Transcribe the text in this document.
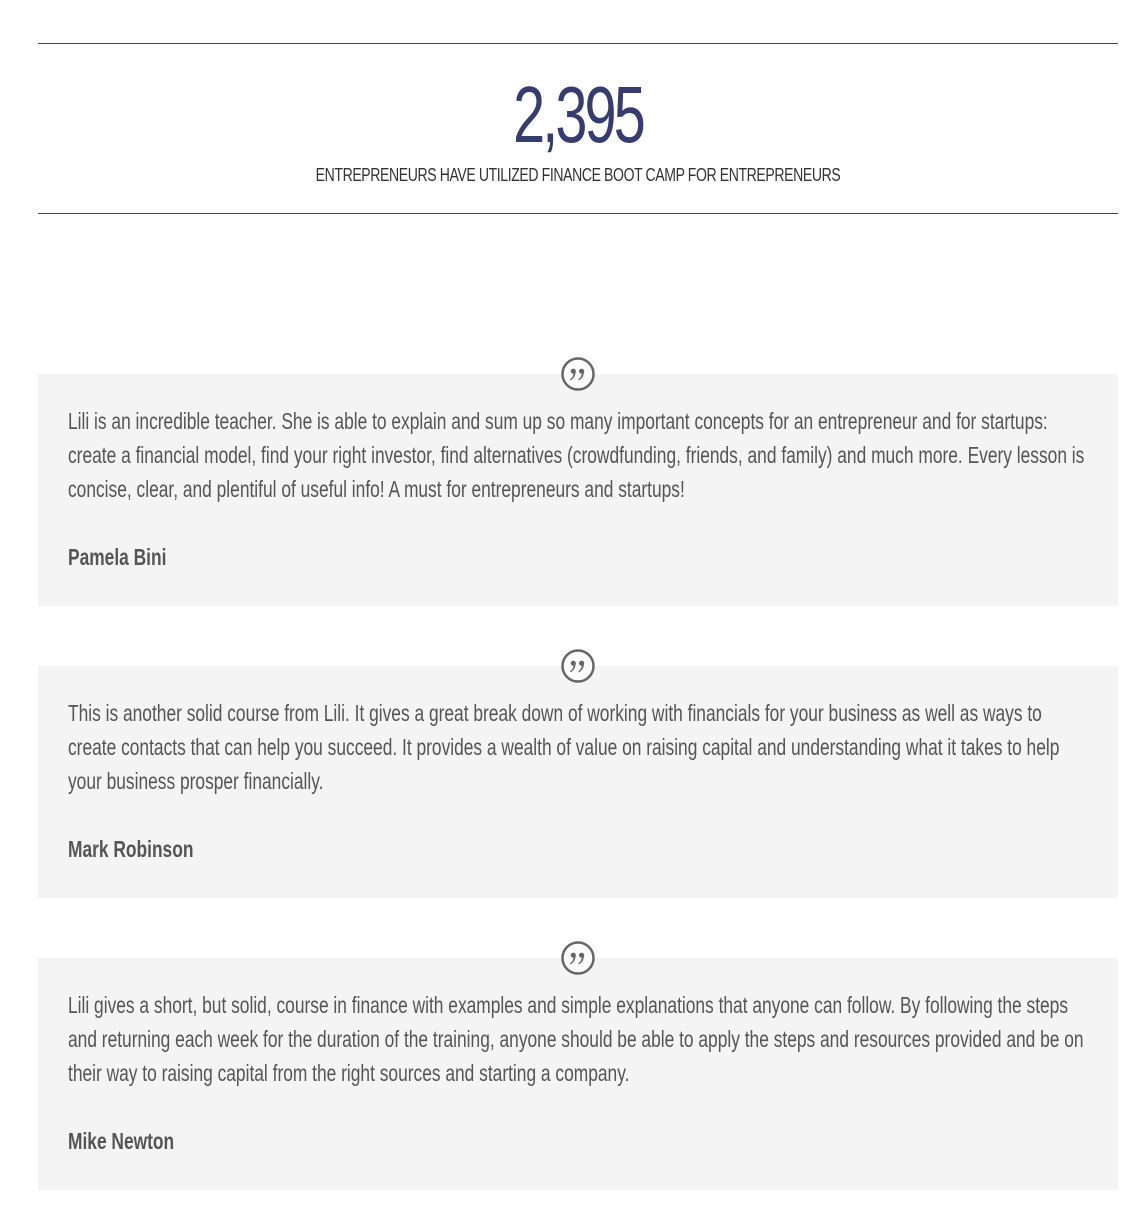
2,395
ENTREPRENEURS HAVE UTILIZED FINANCE BOOT CAMP FOR ENTREPRENEURS

Lili is an incredible teacher. She is able to explain and sum up so many important concepts for an entrepreneur and for startups: create a financial model, find your right investor, find alternatives (crowdfunding, friends, and family) and much more. Every lesson is concise, clear, and plentiful of useful info! A must for entrepreneurs and startups!

Pamela Bini

This is another solid course from Lili. It gives a great break down of working with financials for your business as well as ways to create contacts that can help you succeed. It provides a wealth of value on raising capital and understanding what it takes to help your business prosper financially.

Mark Robinson

Lili gives a short, but solid, course in finance with examples and simple explanations that anyone can follow. By following the steps and returning each week for the duration of the training, anyone should be able to apply the steps and resources provided and be on their way to raising capital from the right sources and starting a company.

Mike Newton
